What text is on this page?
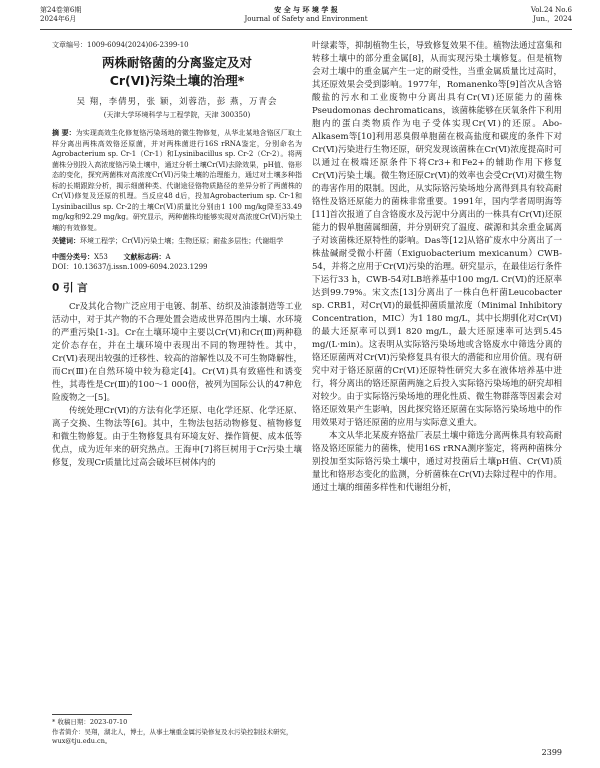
第24卷第6期
2024年6月
安 全 与 环 境 学 报
Journal of Safety and Environment
Vol.24 No.6
Jun.，2024
文章编号：1009-6094(2024)06-2399-10
两株耐铬菌的分离鉴定及对
Cr(Ⅵ)污染土壤的治理*
吴 翔，李倩男，张 颖，刘蓉浩，彭 燕，万青会
(天津大学环境科学与工程学院，天津 300350)
摘 要：为实现高效生化修复铬污染场地的微生物修复，从华北某地含铬区厂取土样分离出两株高效铬还原菌，并对两株菌进行16S rRNA鉴定，分别命名为Agrobacterium sp. Cr-1（Cr-1）和Lysinibacillus sp. Cr-2（Cr-2）。将两菌株分别投入高浓度铬污染土壤中，通过分析土壤Cr(Ⅵ)去除效果，pH值、铬形态的变化，探究两菌株对高浓度Cr(Ⅵ)污染土壤的治理能力，通过对土壤多种指标的长期跟踪分析，揭示细菌种类、代谢途径铬物质路径的差异分析了两菌株的Cr(Ⅵ)修复及还原的机理。当反应48 d后，投加Agrobacterium sp. Cr-1和Lysinibacillus sp. Cr-2的土壤Cr(Ⅵ)质量比分别由1 100 mg/kg降至33.49 mg/kg和92.29 mg/kg。研究显示，两种菌株均能够实现对高浓度Cr(Ⅵ)污染土壤的有效修复。
关键词：环境工程学；Cr(Ⅵ)污染土壤；生物还原；耐盐多层性；代谢组学
中图分类号：X53 文献标志码：A
DOI：10.13637/j.issn.1009-6094.2023.1299
0 引 言

Cr及其化合物广泛应用于电镀、制革、纺织及油漆制造等工业活动中，对于其产物的不合理处置会造成世界范围内土壤、水环境的严重污染[1-3]。Cr在土壤环境中主要以Cr(Ⅵ)和Cr(Ⅲ)两种稳定价态存在，并在土壤环境中表现出不同的物理特性。其中，Cr(Ⅵ)表现出较强的迁移性、较高的溶解性以及不可生物降解性，而Cr(Ⅲ)在自然环境中较为稳定[4]。Cr(Ⅵ)具有致癌性和诱变性，其毒性是Cr(Ⅲ)的100～1 000倍，被列为国际公认的47种危险废物之一[5]。

传统处理Cr(Ⅵ)的方法有化学还原、电化学还原、化学还原、离子交换、生物法等[6]。其中，生物法包括动物修复、植物修复和微生物修复。由于生物修复具有环境友好、操作简便、成本低等优点，成为近年来的研究热点。王海申[7]将巨树用于Cr污染土壤修复，发现Cr质量比过高会破坏巨树体内的

* 收稿日期：2023-07-10
作者简介：吴翔，湖北人，博士，从事土壤重金属污染修复及水污染控制技术研究，wux@tju.edu.cn。

叶绿素等，抑制植物生长，导致修复效果不佳。植物法通过富集和转移土壤中的部分重金属[8]，从而实现污染土壤修复。但是植物会对土壤中的重金属产生一定的耐受性，当重金属质量比过高时，其还原效果会受到影响。1977年，Romanenko等[9]首次从含铬酸盐的污水和工业废物中分离出具有Cr(Ⅵ)还原能力的菌株Pseudomonas dechromaticans，该菌株能够在厌氧条件下利用胞内的蛋白类物质作为电子受体实现Cr(Ⅵ)的还原。Abo-Alkasem等[10]利用恶臭假单胞菌在极高盐度和碳度的条件下对Cr(Ⅵ)污染进行生物还原，研究发现该菌株在Cr(Ⅵ)浓度提高时可以通过在极端还原条件下将Cr3+和Fe2+的辅助作用下修复Cr(Ⅵ)污染土壤。微生物还原Cr(Ⅵ)的效率也会受Cr(Ⅵ)对微生物的毒害作用的限制。因此，从实际铬污染场地分离得到具有较高耐铬性及铬还原能力的菌株非常重要。1991年，国内学者周明海等[11]首次报道了自含铬废水及污泥中分离出的一株具有Cr(Ⅵ)还原能力的假单胞菌属细菌，并分别研究了温度、碳源和其余重金属离子对该菌株还原特性的影响。Das等[12]从铬矿废水中分离出了一株盐碱耐受微小杆菌（Exiguobacterium mexicanum）CWB-54，并将之应用于Cr(Ⅵ)污染的治理。研究显示，在最佳运行条件下运行33 h，CWB-54对LB培养基中100 mg/L Cr(Ⅵ)的还原率达到99.79%。宋文杰[13]分离出了一株白色杆菌Leucobacter sp. CRB1，对Cr(Ⅵ)的最低抑菌质量浓度（Minimal Inhibitory Concentration，MIC）为1 180 mg/L，其中长期驯化对Cr(Ⅵ)的最大还原率可以到1 820 mg/L，最大还原速率可达到5.45 mg/(L·min)。这表明从实际铬污染场地或含铬废水中筛选分离的铬还原菌两对Cr(Ⅵ)污染修复具有很大的潜能和应用价值。现有研究中对于铬还原菌的Cr(Ⅵ)还原特性研究大多在液体培养基中进行，将分离出的铬还原菌两施之后投入实际铬污染场地的研究却相对较少。由于实际铬污染场地的理化性质、微生物群落等因素会对铬还原效果产生影响，因此探究铬还原菌在实际铬污染场地中的作用效果对于铬还原菌的应用与实际意义重大。

本文从华北某废弃铬盐厂表层土壤中筛选分离两株具有较高耐铬及铬还原能力的菌株，使用16S rRNA测序鉴定，将两种菌株分别投加至实际铬污染土壤中，通过对投菌后土壤pH值、Cr(Ⅵ)质量比和铬形态变化的监测，分析菌株在Cr(Ⅵ)去除过程中的作用。通过土壤的细菌多样性和代谢组分析，

2399
